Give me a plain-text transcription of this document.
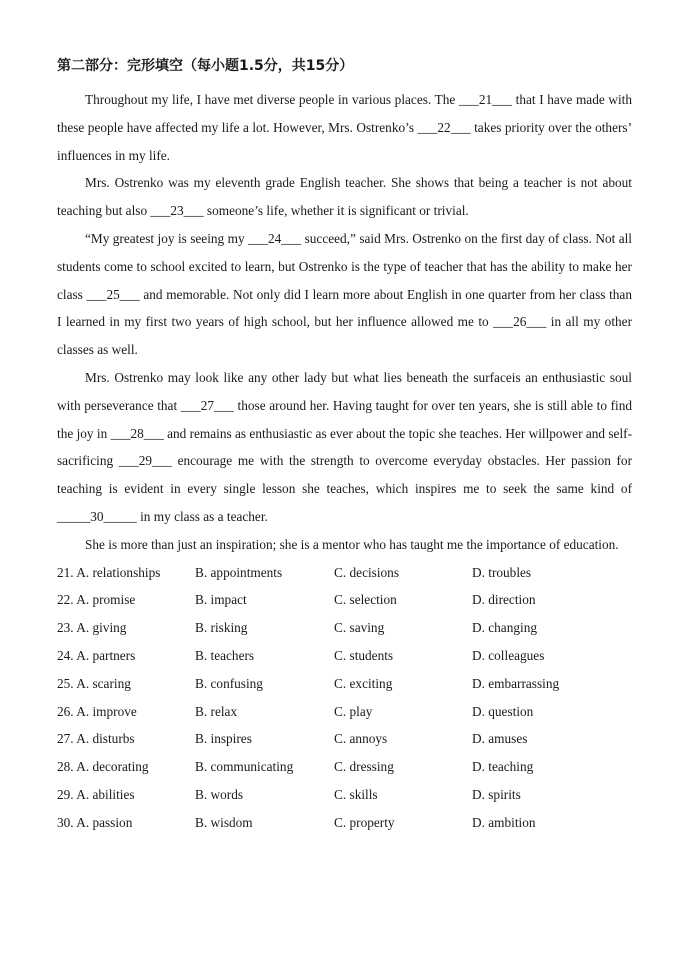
第二部分：完形填空（每小题1.5分，共15分）

Throughout my life, I have met diverse people in various places. The ___21___ that I have made with these people have affected my life a lot. However, Mrs. Ostrenko’s ___22___ takes priority over the others’ influences in my life.

Mrs. Ostrenko was my eleventh grade English teacher. She shows that being a teacher is not about teaching but also ___23___ someone’s life, whether it is significant or trivial.

“My greatest joy is seeing my ___24___ succeed,” said Mrs. Ostrenko on the first day of class. Not all students come to school excited to learn, but Ostrenko is the type of teacher that has the ability to make her class ___25___ and memorable. Not only did I learn more about English in one quarter from her class than I learned in my first two years of high school, but her influence allowed me to ___26___ in all my other classes as well.

Mrs. Ostrenko may look like any other lady but what lies beneath the surfaceis an enthusiastic soul with perseverance that ___27___ those around her. Having taught for over ten years, she is still able to find the joy in ___28___ and remains as enthusiastic as ever about the topic she teaches. Her willpower and self-sacrificing ___29___ encourage me with the strength to overcome everyday obstacles. Her passion for teaching is evident in every single lesson she teaches, which inspires me to seek the same kind of _____30_____ in my class as a teacher.

She is more than just an inspiration; she is a mentor who has taught me the importance of education.

21. A. relationships	B. appointments	C. decisions	D. troubles
22. A. promise	B. impact	C. selection	D. direction
23. A. giving	B. risking	C. saving	D. changing
24. A. partners	B. teachers	C. students	D. colleagues
25. A. scaring	B. confusing	C. exciting	D. embarrassing
26. A. improve	B. relax	C. play	D. question
27. A. disturbs	B. inspires	C. annoys	D. amuses
28. A. decorating	B. communicating	C. dressing	D. teaching
29. A. abilities	B. words	C. skills	D. spirits
30. A. passion	B. wisdom	C. property	D. ambition
